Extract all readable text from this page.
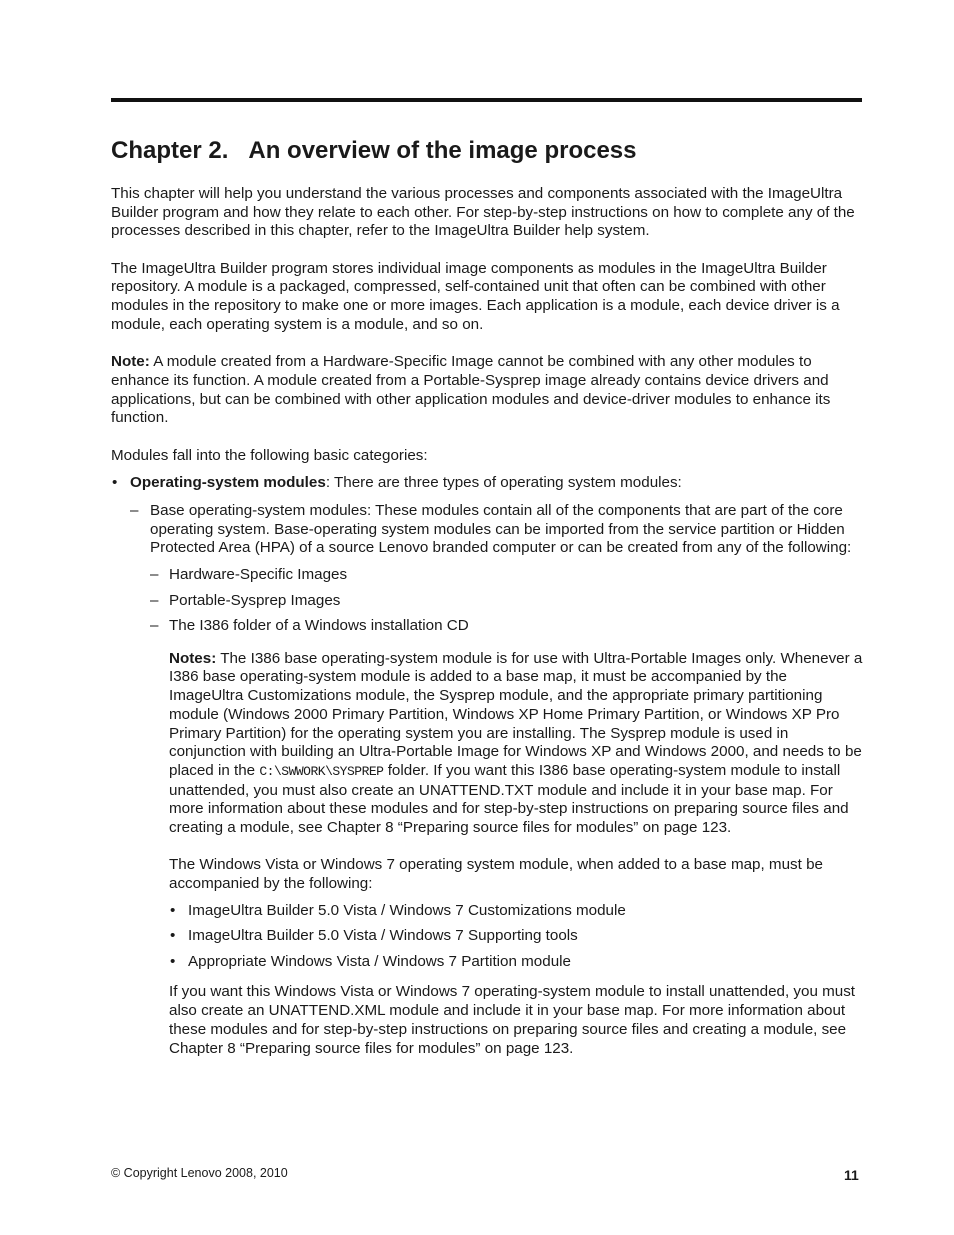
Chapter 2. An overview of the image process

This chapter will help you understand the various processes and components associated with the ImageUltra Builder program and how they relate to each other. For step-by-step instructions on how to complete any of the processes described in this chapter, refer to the ImageUltra Builder help system.

The ImageUltra Builder program stores individual image components as modules in the ImageUltra Builder repository. A module is a packaged, compressed, self-contained unit that often can be combined with other modules in the repository to make one or more images. Each application is a module, each device driver is a module, each operating system is a module, and so on.

Note: A module created from a Hardware-Specific Image cannot be combined with any other modules to enhance its function. A module created from a Portable-Sysprep image already contains device drivers and applications, but can be combined with other application modules and device-driver modules to enhance its function.

Modules fall into the following basic categories:

• Operating-system modules: There are three types of operating system modules:
– Base operating-system modules: These modules contain all of the components that are part of the core operating system. Base-operating system modules can be imported from the service partition or Hidden Protected Area (HPA) of a source Lenovo branded computer or can be created from any of the following:
– Hardware-Specific Images
– Portable-Sysprep Images
– The I386 folder of a Windows installation CD

Notes: The I386 base operating-system module is for use with Ultra-Portable Images only. Whenever a I386 base operating-system module is added to a base map, it must be accompanied by the ImageUltra Customizations module, the Sysprep module, and the appropriate primary partitioning module (Windows 2000 Primary Partition, Windows XP Home Primary Partition, or Windows XP Pro Primary Partition) for the operating system you are installing. The Sysprep module is used in conjunction with building an Ultra-Portable Image for Windows XP and Windows 2000, and needs to be placed in the C:\SWWORK\SYSPREP folder. If you want this I386 base operating-system module to install unattended, you must also create an UNATTEND.TXT module and include it in your base map. For more information about these modules and for step-by-step instructions on preparing source files and creating a module, see Chapter 8 “Preparing source files for modules” on page 123.

The Windows Vista or Windows 7 operating system module, when added to a base map, must be accompanied by the following:

• ImageUltra Builder 5.0 Vista / Windows 7 Customizations module
• ImageUltra Builder 5.0 Vista / Windows 7 Supporting tools
• Appropriate Windows Vista / Windows 7 Partition module

If you want this Windows Vista or Windows 7 operating-system module to install unattended, you must also create an UNATTEND.XML module and include it in your base map. For more information about these modules and for step-by-step instructions on preparing source files and creating a module, see Chapter 8 “Preparing source files for modules” on page 123.

© Copyright Lenovo 2008, 2010	11
